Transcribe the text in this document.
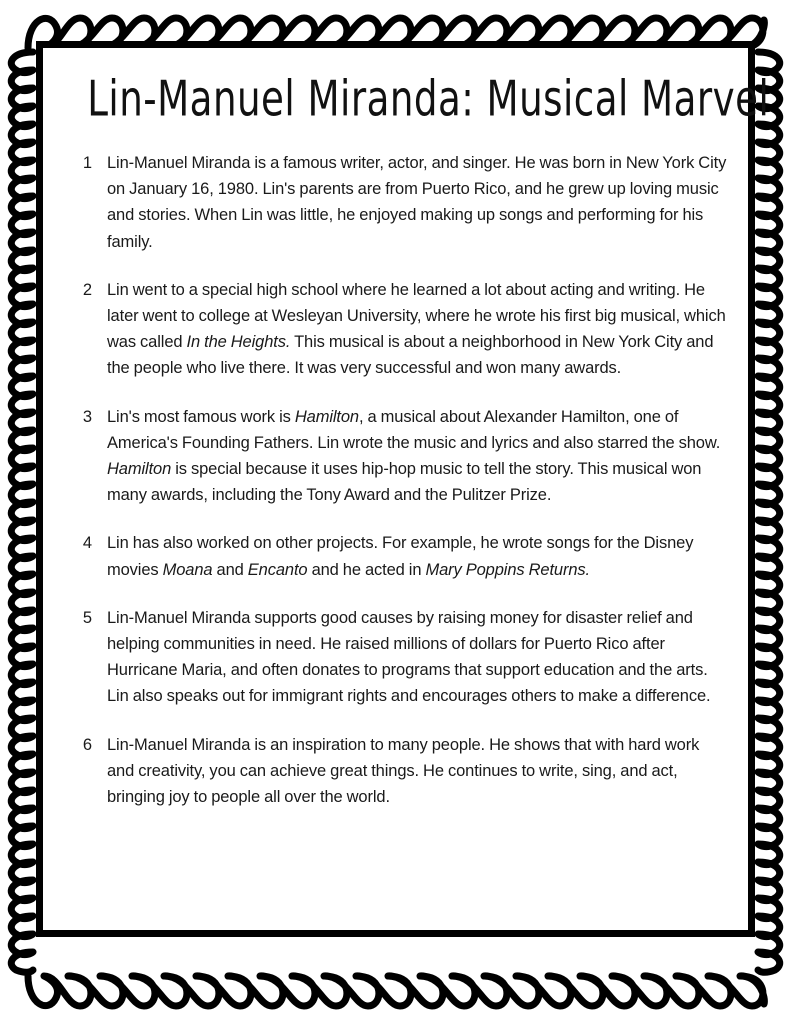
Lin-Manuel Miranda: Musical Marvel
1 Lin-Manuel Miranda is a famous writer, actor, and singer. He was born in New York City on January 16, 1980. Lin's parents are from Puerto Rico, and he grew up loving music and stories. When Lin was little, he enjoyed making up songs and performing for his family.
2 Lin went to a special high school where he learned a lot about acting and writing. He later went to college at Wesleyan University, where he wrote his first big musical, which was called In the Heights. This musical is about a neighborhood in New York City and the people who live there. It was very successful and won many awards.
3 Lin's most famous work is Hamilton, a musical about Alexander Hamilton, one of America's Founding Fathers. Lin wrote the music and lyrics and also starred the show. Hamilton is special because it uses hip-hop music to tell the story. This musical won many awards, including the Tony Award and the Pulitzer Prize.
4 Lin has also worked on other projects. For example, he wrote songs for the Disney movies Moana and Encanto and he acted in Mary Poppins Returns.
5 Lin-Manuel Miranda supports good causes by raising money for disaster relief and helping communities in need. He raised millions of dollars for Puerto Rico after Hurricane Maria, and often donates to programs that support education and the arts. Lin also speaks out for immigrant rights and encourages others to make a difference.
6 Lin-Manuel Miranda is an inspiration to many people. He shows that with hard work and creativity, you can achieve great things. He continues to write, sing, and act, bringing joy to people all over the world.
